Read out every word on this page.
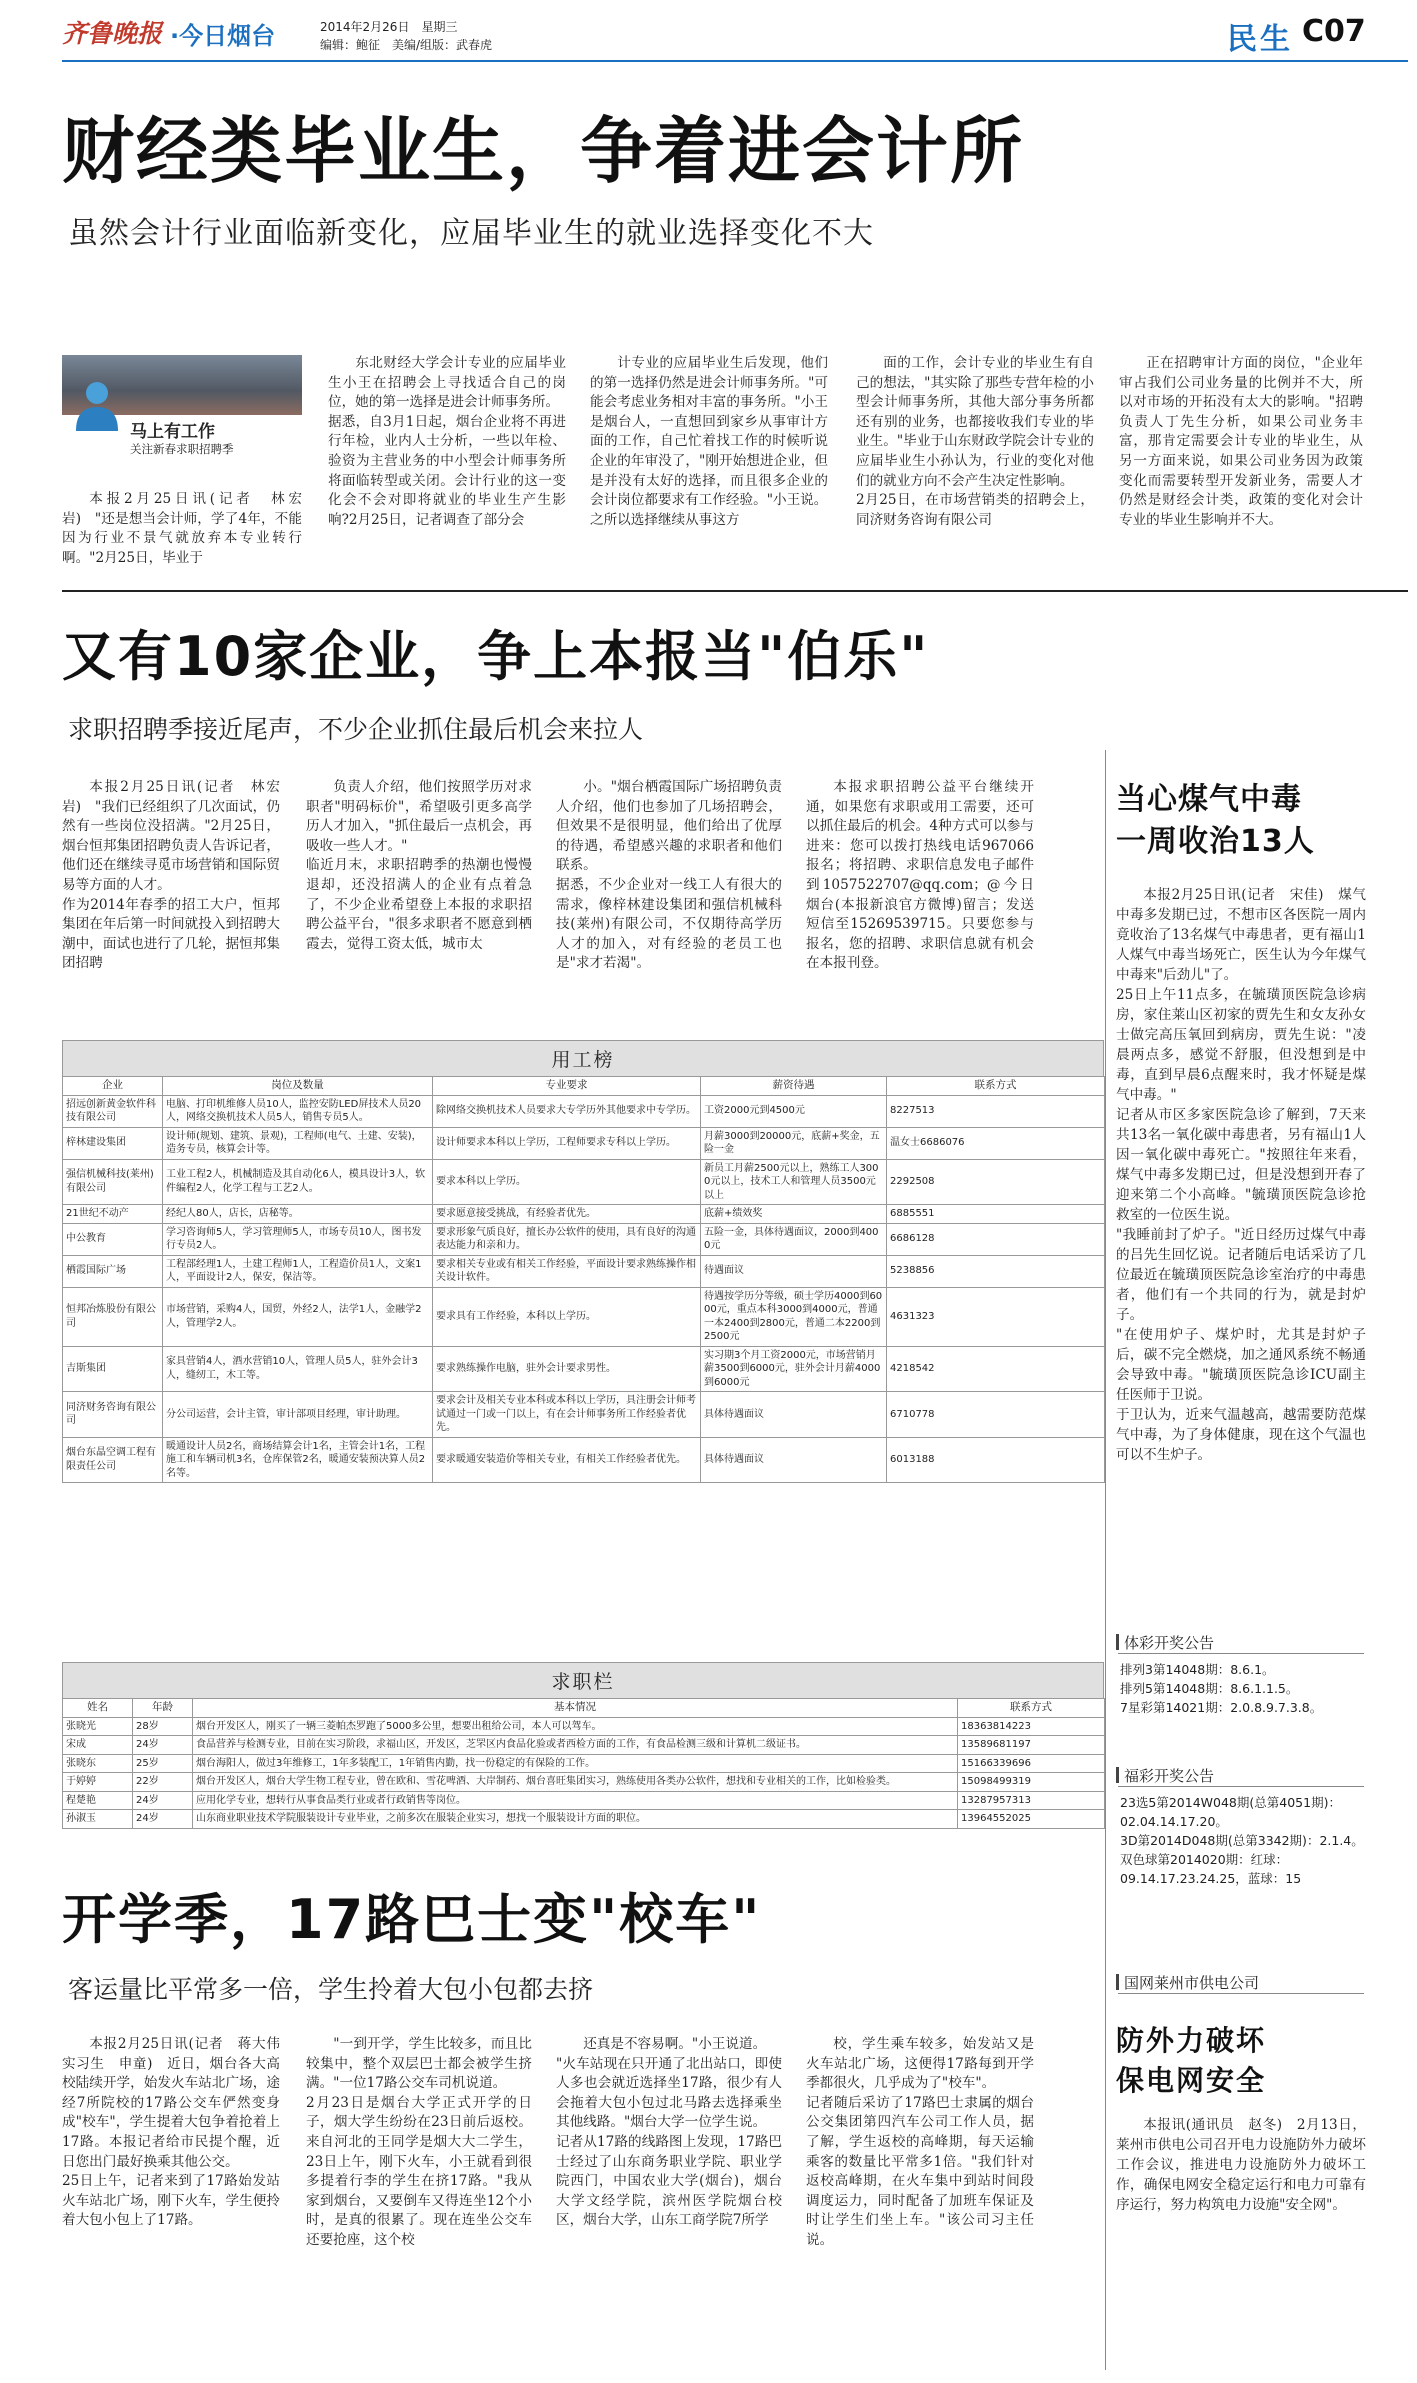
齐鲁晚报 ·今日烟台	2014年2月26日　 星期三
编辑：鲍征　美编/组版：武春虎	民生 C07
财经类毕业生，争着进会计所
虽然会计行业面临新变化，应届毕业生的就业选择变化不大
马上有工作
关注新春求职招聘季

本报2月25日讯(记者　林宏岩)　"还是想当会计师，学了4年，不能因为行业不景气就放弃本专业转行啊。"2月25日，毕业于

东北财经大学会计专业的应届毕业生小王在招聘会上寻找适合自己的岗位，她的第一选择是进会计师事务所。
据悉，自3月1日起，烟台企业将不再进行年检，业内人士分析，一些以年检、验资为主营业务的中小型会计师事务所将面临转型或关闭。会计行业的这一变化会不会对即将就业的毕业生产生影响?2月25日，记者调查了部分会

计专业的应届毕业生后发现，他们的第一选择仍然是进会计师事务所。"可能会考虑业务相对丰富的事务所。"小王是烟台人，一直想回到家乡从事审计方面的工作，自己忙着找工作的时候听说企业的年审没了，"刚开始想进企业，但是并没有太好的选择，而且很多企业的会计岗位都要求有工作经验。"小王说。
之所以选择继续从事这方

面的工作，会计专业的毕业生有自己的想法，"其实除了那些专营年检的小型会计师事务所，其他大部分事务所都还有别的业务，也都接收我们专业的毕业生。"毕业于山东财政学院会计专业的应届毕业生小孙认为，行业的变化对他们的就业方向不会产生决定性影响。
2月25日，在市场营销类的招聘会上，同济财务咨询有限公司

正在招聘审计方面的岗位，"企业年审占我们公司业务量的比例并不大，所以对市场的开拓没有太大的影响。"招聘负责人丁先生分析，如果公司业务丰富，那肯定需要会计专业的毕业生，从另一方面来说，如果公司业务因为政策变化而需要转型开发新业务，需要人才仍然是财经会计类，政策的变化对会计专业的毕业生影响并不大。

又有10家企业，争上本报当"伯乐"
求职招聘季接近尾声，不少企业抓住最后机会来拉人

本报2月25日讯(记者　林宏岩)　"我们已经组织了几次面试，仍然有一些岗位没招满。"2月25日，烟台恒邦集团招聘负责人告诉记者，他们还在继续寻觅市场营销和国际贸易等方面的人才。
作为2014年春季的招工大户，恒邦集团在年后第一时间就投入到招聘大潮中，面试也进行了几轮，据恒邦集团招聘

负责人介绍，他们按照学历对求职者"明码标价"，希望吸引更多高学历人才加入，"抓住最后一点机会，再吸收一些人才。"
临近月末，求职招聘季的热潮也慢慢退却，还没招满人的企业有点着急了，不少企业希望登上本报的求职招聘公益平台，"很多求职者不愿意到栖霞去，觉得工资太低，城市太

小。"烟台栖霞国际广场招聘负责人介绍，他们也参加了几场招聘会，但效果不是很明显，他们给出了优厚的待遇，希望感兴趣的求职者和他们联系。
据悉，不少企业对一线工人有很大的需求，像梓林建设集团和强信机械科技(莱州)有限公司，不仅期待高学历人才的加入，对有经验的老员工也是"求才若渴"。

本报求职招聘公益平台继续开通，如果您有求职或用工需要，还可以抓住最后的机会。4种方式可以参与进来：您可以拨打热线电话967066报名；将招聘、求职信息发电子邮件到1057522707@qq.com；@今日烟台(本报新浪官方微博)留言；发送短信至15269539715。只要您参与报名，您的招聘、求职信息就有机会在本报刊登。

用工榜
企业	岗位及数量	专业要求	薪资待遇	联系方式
招远创新黄金软件科技有限公司	电脑、打印机维修人员10人，监控安防LED屏技术人员20人，网络交换机技术人员5人，销售专员5人。	除网络交换机技术人员要求大专学历外其他要求中专学历。	工资2000元到4500元	8227513
梓林建设集团	设计师(规划、建筑、景观)，工程师(电气、土建、安装)，造务专员，核算会计等。	设计师要求本科以上学历，工程师要求专科以上学历。	月薪3000到20000元，底薪+奖金，五险一金	温女士6686076
强信机械科技(莱州)有限公司	工业工程2人，机械制造及其自动化6人，模具设计3人，软件编程2人，化学工程与工艺2人。	要求本科以上学历。	新员工月薪2500元以上，熟练工人3000元以上，技术工人和管理人员3500元以上	2292508
21世纪不动产	经纪人80人，店长，店秘等。	要求愿意接受挑战，有经验者优先。	底薪+绩效奖	6885551
中公教育	学习咨询师5人，学习管理师5人，市场专员10人，图书发行专员2人。	要求形象气质良好，擅长办公软件的使用，具有良好的沟通表达能力和亲和力。	五险一金，具体待遇面议，2000到4000元	6686128
栖霞国际广场	工程部经理1人，土建工程师1人，工程造价员1人，文案1人，平面设计2人，保安，保洁等。	要求相关专业或有相关工作经验，平面设计要求熟练操作相关设计软件。	待遇面议	5238856
恒邦冶炼股份有限公司	市场营销，采购4人，国贸，外经2人，法学1人，金融学2人，管理学2人。	要求具有工作经验，本科以上学历。	待遇按学历分等级，硕士学历4000到6000元，重点本科3000到4000元，普通一本2400到2800元，普通二本2200到2500元	4631323
吉斯集团	家具营销4人，酒水营销10人，管理人员5人，驻外会计3人，缝纫工，木工等。	要求熟练操作电脑，驻外会计要求男性。	实习期3个月工资2000元，市场营销月薪3500到6000元，驻外会计月薪4000到6000元	4218542
同济财务咨询有限公司	分公司运营，会计主管，审计部项目经理，审计助理。	要求会计及相关专业本科或本科以上学历，具注册会计师考试通过一门或一门以上，有在会计师事务所工作经验者优先。	具体待遇面议	6710778
烟台东晶空调工程有限责任公司	暖通设计人员2名，商场结算会计1名，主管会计1名，工程施工和车辆司机3名，仓库保管2名，暖通安装预决算人员2名等。	要求暖通安装造价等相关专业，有相关工作经验者优先。	具体待遇面议	6013188
求职栏
姓名	年龄	基本情况	联系方式
张晓光	28岁	烟台开发区人，刚买了一辆三菱帕杰罗跑了5000多公里，想要出租给公司，本人可以驾车。	18363814223
宋成	24岁	食品营养与检测专业，目前在实习阶段，求福山区，开发区，芝罘区内食品化验或者西检方面的工作，有食品检测三级和计算机二级证书。	13589681197
张晓东	25岁	烟台海阳人，做过3年维修工，1年多装配工，1年销售内勤，找一份稳定的有保险的工作。	15166339696
于婷婷	22岁	烟台开发区人，烟台大学生物工程专业，曾在欧和、雪花啤酒、大岸制药、烟台喜旺集团实习，熟练使用各类办公软件，想找和专业相关的工作，比如检验类。	15098499319
程楚艳	24岁	应用化学专业，想转行从事食品类行业或者行政销售等岗位。	13287957313
孙淑玉	24岁	山东商业职业技术学院服装设计专业毕业，之前多次在服装企业实习，想找一个服装设计方面的职位。	13964552025
开学季，17路巴士变"校车"
客运量比平常多一倍，学生拎着大包小包都去挤

本报2月25日讯(记者　蒋大伟　实习生　申童)　近日，烟台各大高校陆续开学，始发火车站北广场，途经7所院校的17路公交车俨然变身成"校车"，学生提着大包争着抢着上17路。本报记者给市民提个醒，近日您出门最好换乘其他公交。
25日上午，记者来到了17路始发站火车站北广场，刚下火车，学生便拎着大包小包上了17路。

"一到开学，学生比较多，而且比较集中，整个双层巴士都会被学生挤满。"一位17路公交车司机说道。
2月23日是烟台大学正式开学的日子，烟大学生纷纷在23日前后返校。来自河北的王同学是烟大大二学生，23日上午，刚下火车，小王就看到很多提着行李的学生在挤17路。"我从家到烟台，又要倒车又得连坐12个小时，是真的很累了。现在连坐公交车还要抢座，这个校

还真是不容易啊。"小王说道。
"火车站现在只开通了北出站口，即使人多也会就近选择坐17路，很少有人会拖着大包小包过北马路去选择乘坐其他线路。"烟台大学一位学生说。
记者从17路的线路图上发现，17路巴士经过了山东商务职业学院、职业学院西门，中国农业大学(烟台)，烟台大学文经学院，滨州医学院烟台校区，烟台大学，山东工商学院7所学

校，学生乘车较多，始发站又是火车站北广场，这便得17路每到开学季都很火，几乎成为了"校车"。
记者随后采访了17路巴士隶属的烟台公交集团第四汽车公司工作人员，据了解，学生返校的高峰期，每天运输乘客的数量比平常多1倍。"我们针对返校高峰期，在火车集中到站时间段调度运力，同时配备了加班车保证及时让学生们坐上车。"该公司习主任说。

当心煤气中毒
一周收治13人

本报2月25日讯(记者　宋佳)　煤气中毒多发期已过，不想市区各医院一周内竟收治了13名煤气中毒患者，更有福山1人煤气中毒当场死亡，医生认为今年煤气中毒来"后劲儿"了。
25日上午11点多，在毓璜顶医院急诊病房，家住莱山区初家的贾先生和女友孙女士做完高压氧回到病房，贾先生说："凌晨两点多，感觉不舒服，但没想到是中毒，直到早晨6点醒来时，我才怀疑是煤气中毒。"
记者从市区多家医院急诊了解到，7天来共13名一氧化碳中毒患者，另有福山1人因一氧化碳中毒死亡。"按照往年来看，煤气中毒多发期已过，但是没想到开春了迎来第二个小高峰。"毓璜顶医院急诊抢救室的一位医生说。
"我睡前封了炉子。"近日经历过煤气中毒的吕先生回忆说。记者随后电话采访了几位最近在毓璜顶医院急诊室治疗的中毒患者，他们有一个共同的行为，就是封炉子。
"在使用炉子、煤炉时，尤其是封炉子后，碳不完全燃烧，加之通风系统不畅通会导致中毒。"毓璜顶医院急诊ICU副主任医师于卫说。
于卫认为，近来气温越高，越需要防范煤气中毒，为了身体健康，现在这个气温也可以不生炉子。

体彩开奖公告
排列3第14048期：8.6.1。
排列5第14048期：8.6.1.1.5。
7星彩第14021期：2.0.8.9.7.3.8。
福彩开奖公告
23选5第2014W048期(总第4051期)：02.04.14.17.20。
3D第2014D048期(总第3342期)：2.1.4。
双色球第2014020期：红球：09.14.17.23.24.25，蓝球：15
国网莱州市供电公司
防外力破坏
保电网安全

本报讯(通讯员　赵冬)　2月13日，莱州市供电公司召开电力设施防外力破坏工作会议，推进电力设施防外力破坏工作，确保电网安全稳定运行和电力可靠有序运行，努力构筑电力设施"安全网"。
